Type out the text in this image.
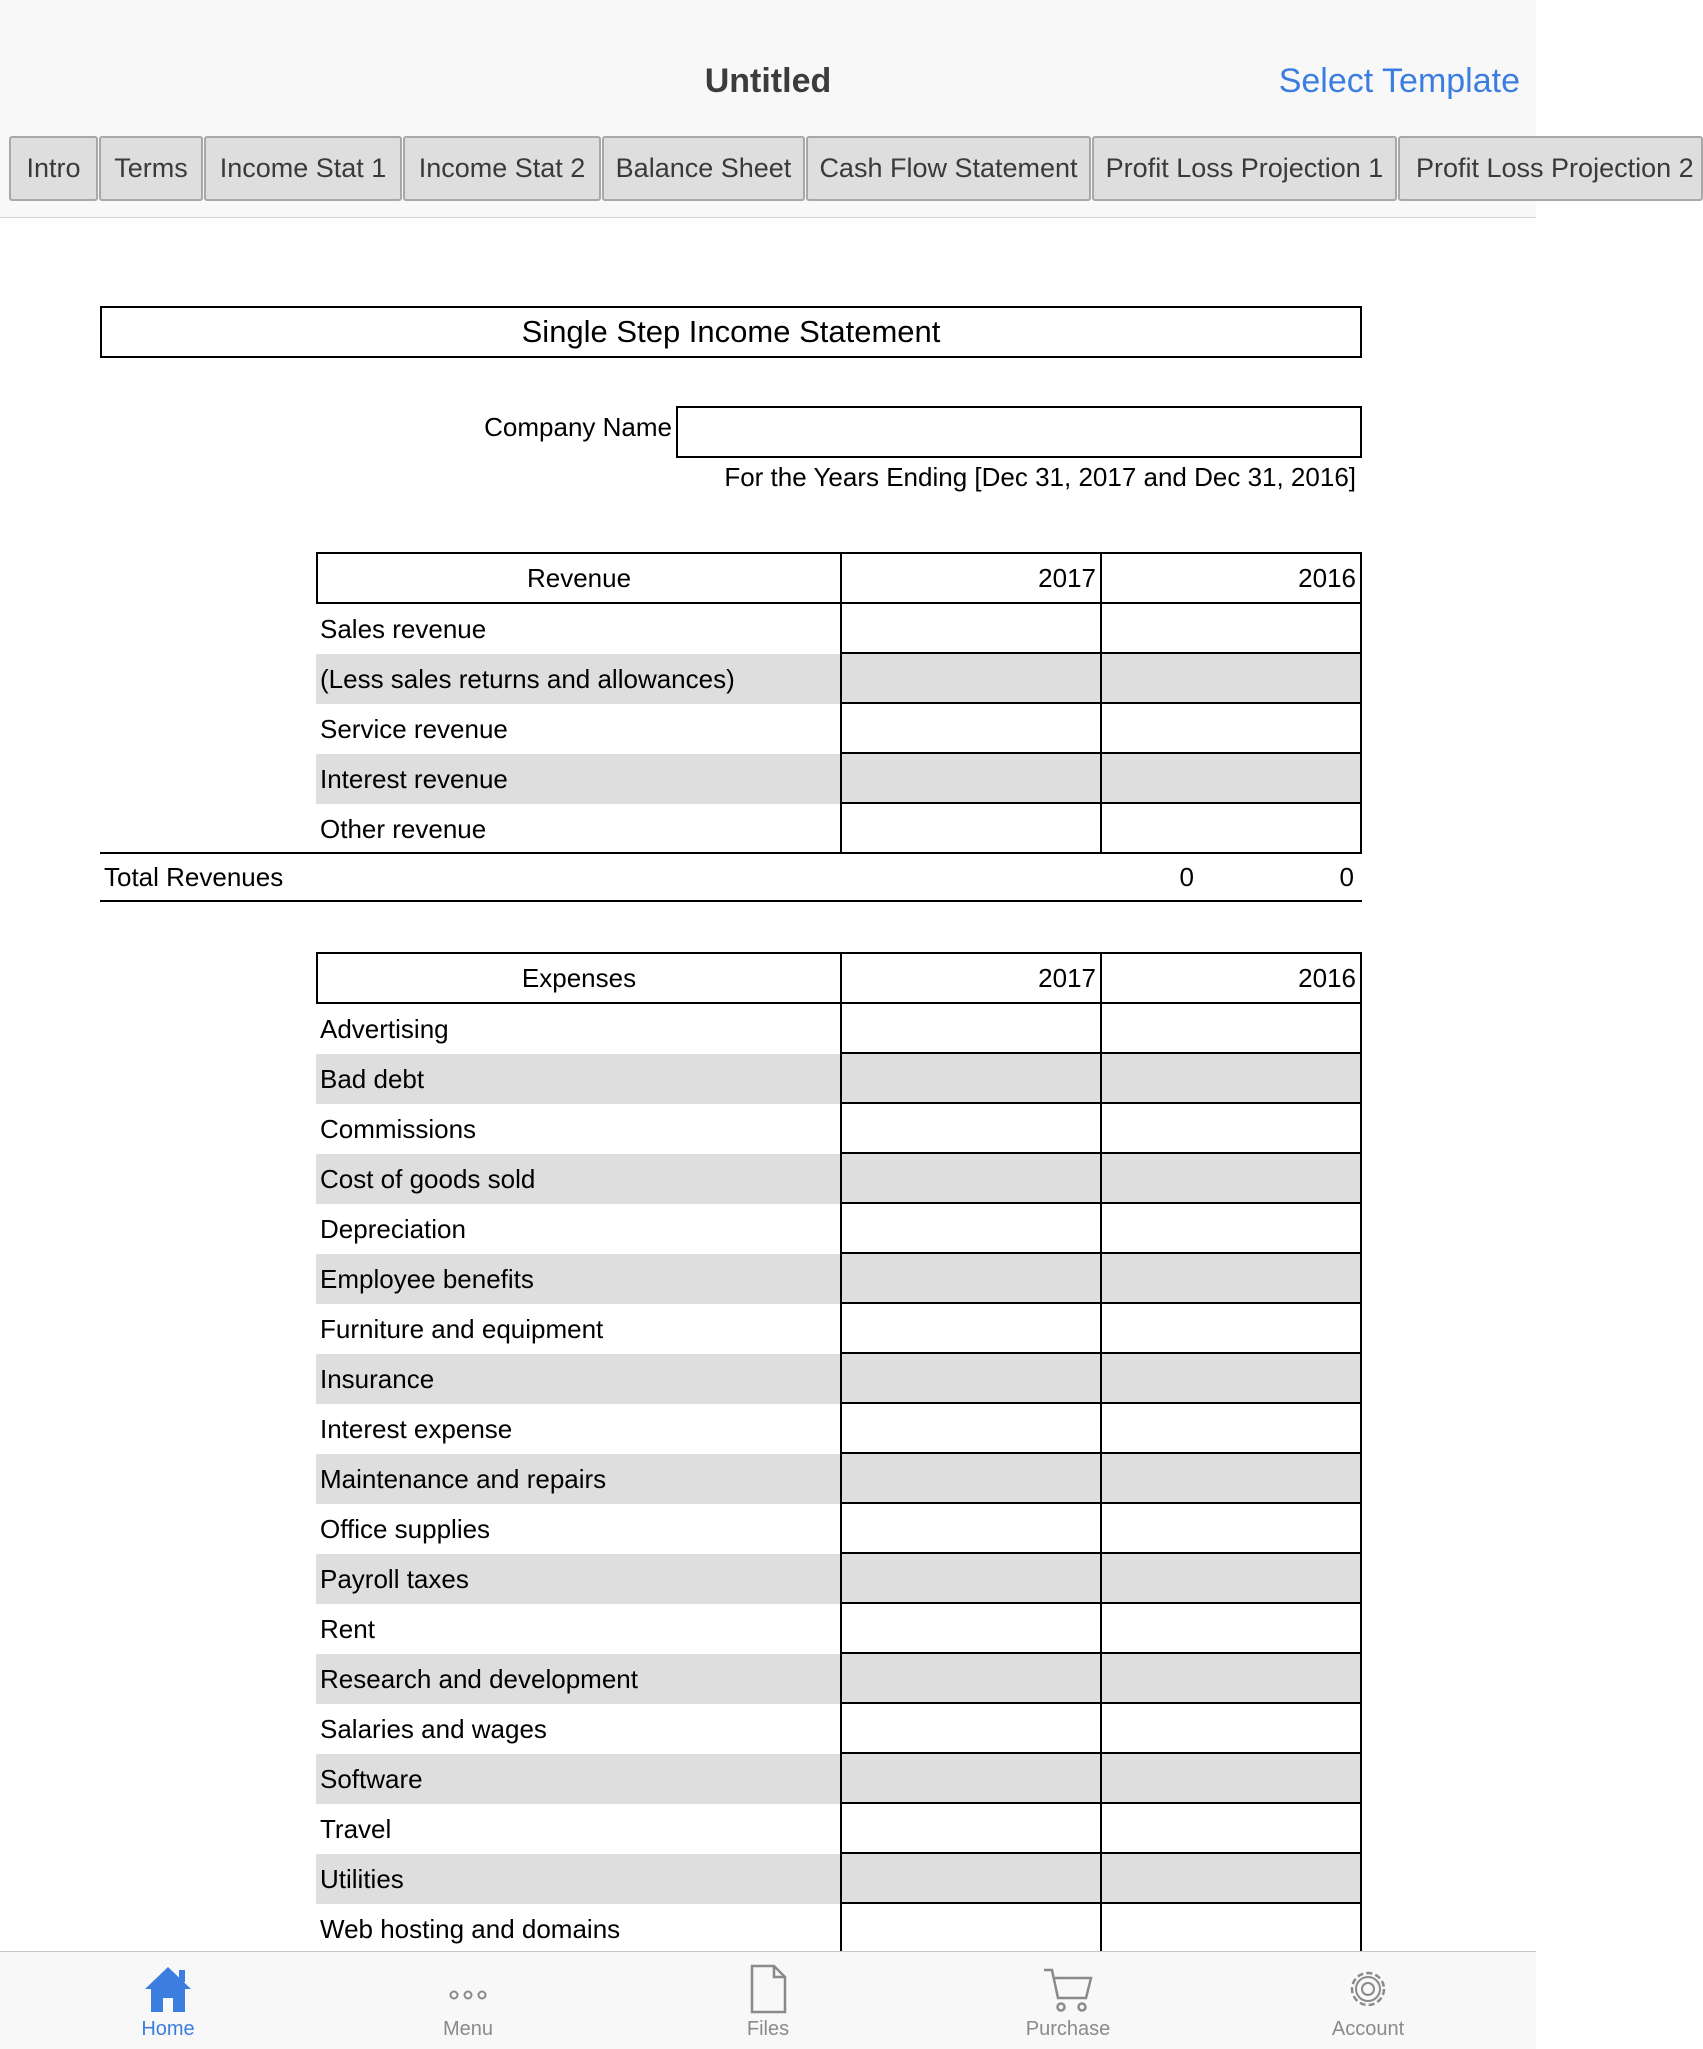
Untitled	Select Template
Intro	Terms	Income Stat 1	Income Stat 2	Balance Sheet	Cash Flow Statement	Profit Loss Projection 1	Profit Loss Projection 2
Single Step Income Statement
Company Name
For the Years Ending [Dec 31, 2017 and Dec 31, 2016]
Revenue	2017	2016
Sales revenue
(Less sales returns and allowances)
Service revenue
Interest revenue
Other revenue
Total Revenues	0	0
Expenses	2017	2016
Advertising
Bad debt
Commissions
Cost of goods sold
Depreciation
Employee benefits
Furniture and equipment
Insurance
Interest expense
Maintenance and repairs
Office supplies
Payroll taxes
Rent
Research and development
Salaries and wages
Software
Travel
Utilities
Web hosting and domains
Home	Menu	Files	Purchase	Account
